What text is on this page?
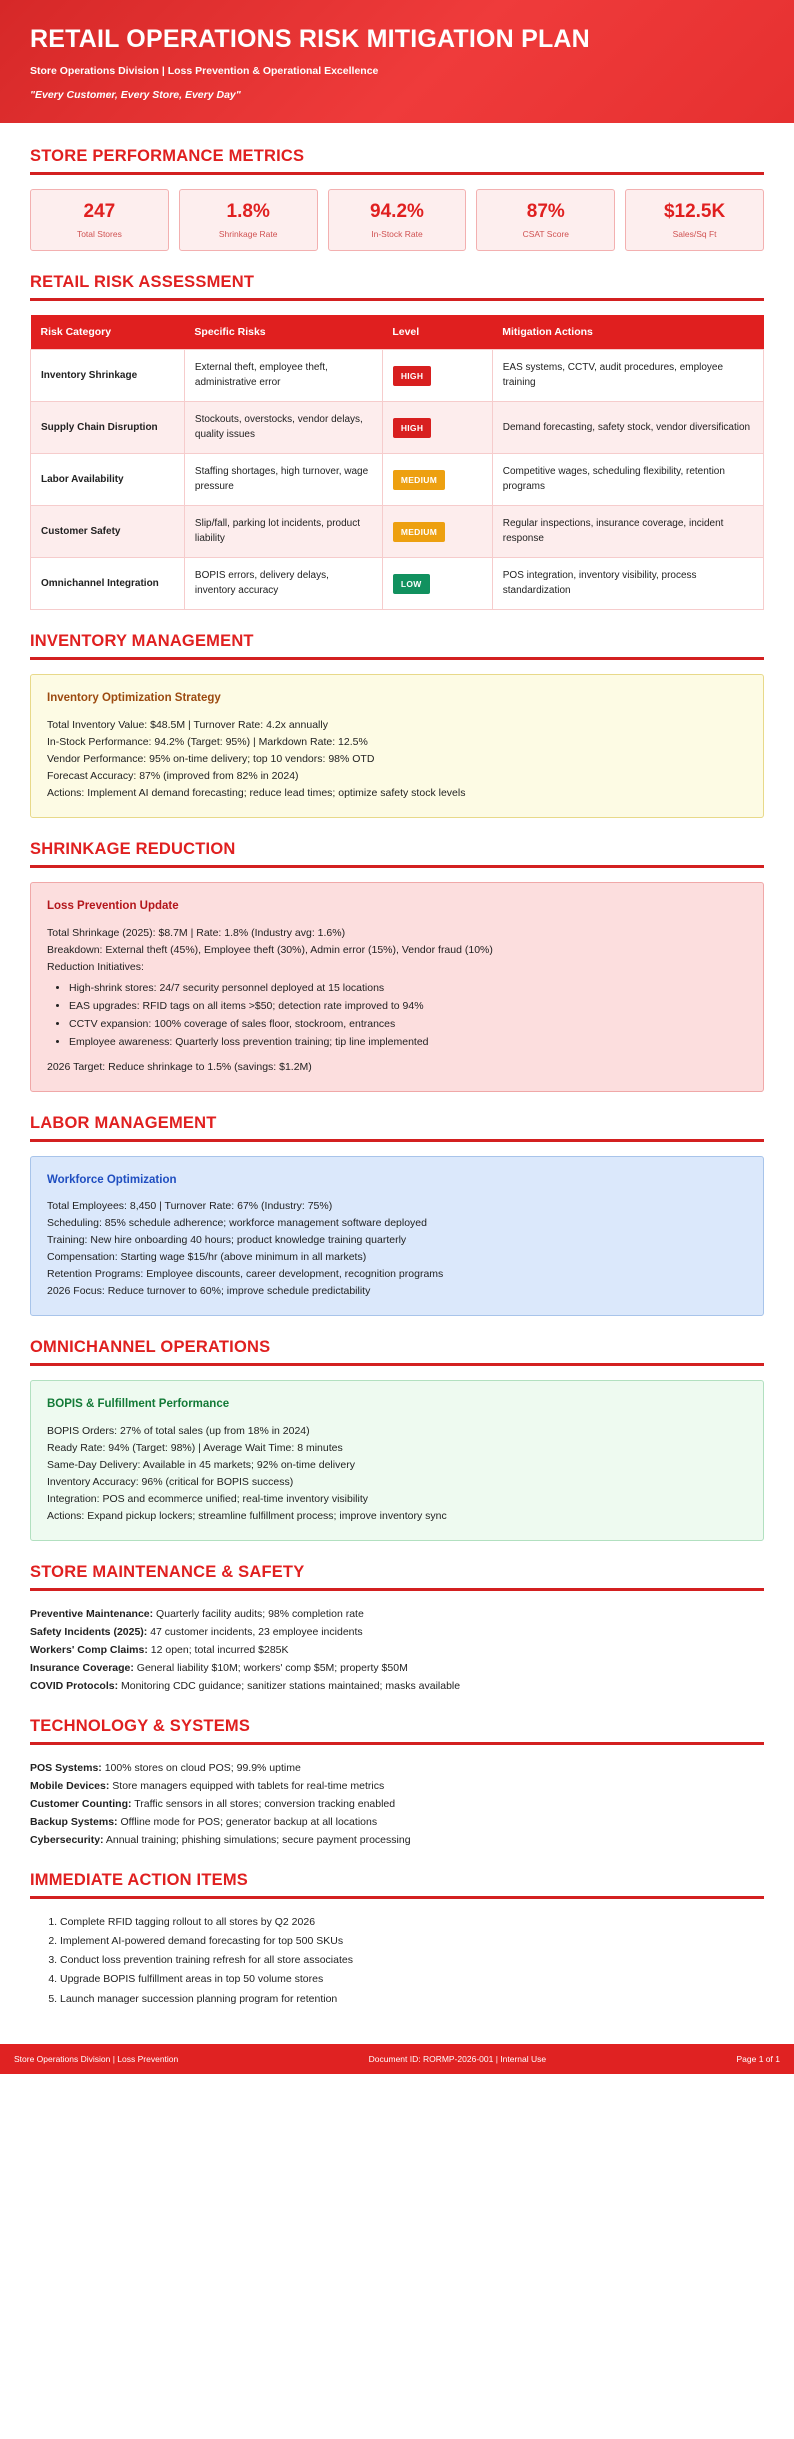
RETAIL OPERATIONS RISK MITIGATION PLAN
Store Operations Division | Loss Prevention & Operational Excellence
"Every Customer, Every Store, Every Day"
STORE PERFORMANCE METRICS
247
Total Stores
1.8%
Shrinkage Rate
94.2%
In-Stock Rate
87%
CSAT Score
$12.5K
Sales/Sq Ft
RETAIL RISK ASSESSMENT
Risk Category	Specific Risks	Level	Mitigation Actions
Inventory Shrinkage	External theft, employee theft, administrative error	HIGH	EAS systems, CCTV, audit procedures, employee training
Supply Chain Disruption	Stockouts, overstocks, vendor delays, quality issues	HIGH	Demand forecasting, safety stock, vendor diversification
Labor Availability	Staffing shortages, high turnover, wage pressure	MEDIUM	Competitive wages, scheduling flexibility, retention programs
Customer Safety	Slip/fall, parking lot incidents, product liability	MEDIUM	Regular inspections, insurance coverage, incident response
Omnichannel Integration	BOPIS errors, delivery delays, inventory accuracy	LOW	POS integration, inventory visibility, process standardization
INVENTORY MANAGEMENT
Inventory Optimization Strategy

Total Inventory Value: $48.5M | Turnover Rate: 4.2x annually

In-Stock Performance: 94.2% (Target: 95%) | Markdown Rate: 12.5%

Vendor Performance: 95% on-time delivery; top 10 vendors: 98% OTD

Forecast Accuracy: 87% (improved from 82% in 2024)

Actions: Implement AI demand forecasting; reduce lead times; optimize safety stock levels

SHRINKAGE REDUCTION
Loss Prevention Update

Total Shrinkage (2025): $8.7M | Rate: 1.8% (Industry avg: 1.6%)

Breakdown: External theft (45%), Employee theft (30%), Admin error (15%), Vendor fraud (10%)

Reduction Initiatives:

• High-shrink stores: 24/7 security personnel deployed at 15 locations
• EAS upgrades: RFID tags on all items >$50; detection rate improved to 94%
• CCTV expansion: 100% coverage of sales floor, stockroom, entrances
• Employee awareness: Quarterly loss prevention training; tip line implemented

2026 Target: Reduce shrinkage to 1.5% (savings: $1.2M)

LABOR MANAGEMENT
Workforce Optimization

Total Employees: 8,450 | Turnover Rate: 67% (Industry: 75%)

Scheduling: 85% schedule adherence; workforce management software deployed

Training: New hire onboarding 40 hours; product knowledge training quarterly

Compensation: Starting wage $15/hr (above minimum in all markets)

Retention Programs: Employee discounts, career development, recognition programs

2026 Focus: Reduce turnover to 60%; improve schedule predictability

OMNICHANNEL OPERATIONS
BOPIS & Fulfillment Performance

BOPIS Orders: 27% of total sales (up from 18% in 2024)

Ready Rate: 94% (Target: 98%) | Average Wait Time: 8 minutes

Same-Day Delivery: Available in 45 markets; 92% on-time delivery

Inventory Accuracy: 96% (critical for BOPIS success)

Integration: POS and ecommerce unified; real-time inventory visibility

Actions: Expand pickup lockers; streamline fulfillment process; improve inventory sync

STORE MAINTENANCE & SAFETY
Preventive Maintenance: Quarterly facility audits; 98% completion rate
Safety Incidents (2025): 47 customer incidents, 23 employee incidents
Workers' Comp Claims: 12 open; total incurred $285K
Insurance Coverage: General liability $10M; workers' comp $5M; property $50M
COVID Protocols: Monitoring CDC guidance; sanitizer stations maintained; masks available
TECHNOLOGY & SYSTEMS
POS Systems: 100% stores on cloud POS; 99.9% uptime
Mobile Devices: Store managers equipped with tablets for real-time metrics
Customer Counting: Traffic sensors in all stores; conversion tracking enabled
Backup Systems: Offline mode for POS; generator backup at all locations
Cybersecurity: Annual training; phishing simulations; secure payment processing
IMMEDIATE ACTION ITEMS
1. Complete RFID tagging rollout to all stores by Q2 2026
2. Implement AI-powered demand forecasting for top 500 SKUs
3. Conduct loss prevention training refresh for all store associates
4. Upgrade BOPIS fulfillment areas in top 50 volume stores
5. Launch manager succession planning program for retention
Store Operations Division | Loss Prevention	Document ID: RORMP-2026-001 | Internal Use	Page 1 of 1
